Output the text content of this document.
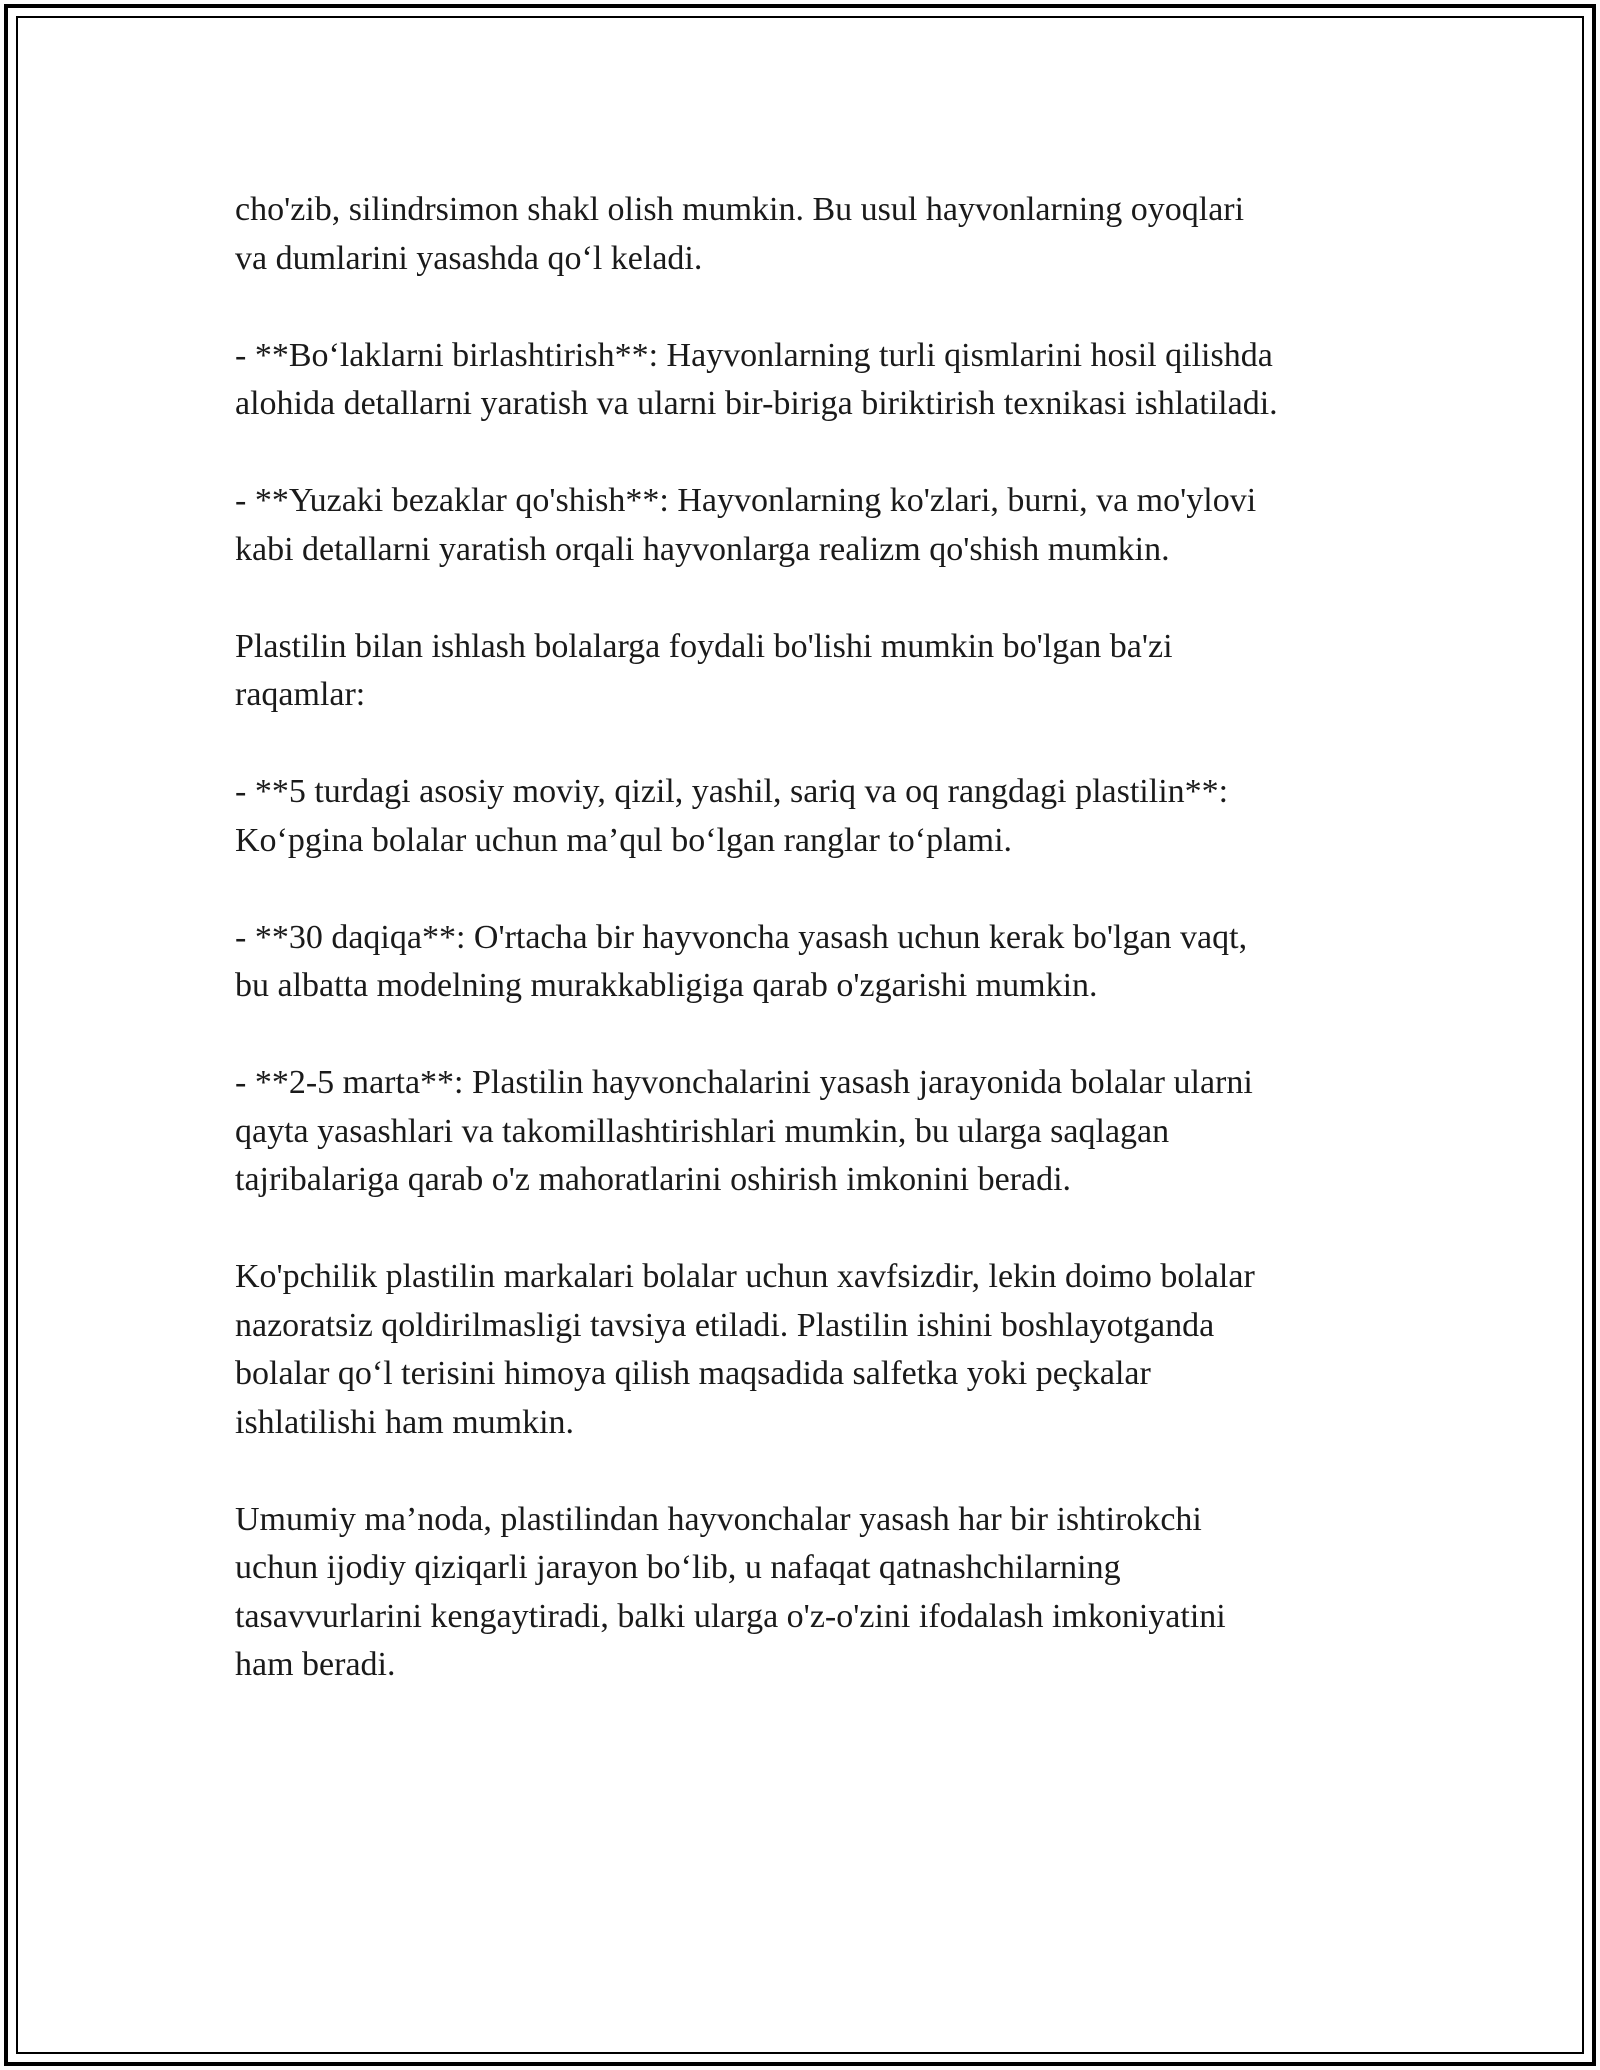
cho'zib, silindrsimon shakl olish mumkin. Bu usul hayvonlarning oyoqlari
va dumlarini yasashda qo‘l keladi.

- **Bo‘laklarni birlashtirish**: Hayvonlarning turli qismlarini hosil qilishda
alohida detallarni yaratish va ularni bir-biriga biriktirish texnikasi ishlatiladi.

- **Yuzaki bezaklar qo'shish**: Hayvonlarning ko'zlari, burni, va mo'ylovi
kabi detallarni yaratish orqali hayvonlarga realizm qo'shish mumkin.

Plastilin bilan ishlash bolalarga foydali bo'lishi mumkin bo'lgan ba'zi
raqamlar:

- **5 turdagi asosiy moviy, qizil, yashil, sariq va oq rangdagi plastilin**:
Ko‘pgina bolalar uchun ma’qul bo‘lgan ranglar to‘plami.

- **30 daqiqa**: O'rtacha bir hayvoncha yasash uchun kerak bo'lgan vaqt,
bu albatta modelning murakkabligiga qarab o'zgarishi mumkin.

- **2-5 marta**: Plastilin hayvonchalarini yasash jarayonida bolalar ularni
qayta yasashlari va takomillashtirishlari mumkin, bu ularga saqlagan
tajribalariga qarab o'z mahoratlarini oshirish imkonini beradi.

Ko'pchilik plastilin markalari bolalar uchun xavfsizdir, lekin doimo bolalar
nazoratsiz qoldirilmasligi tavsiya etiladi. Plastilin ishini boshlayotganda
bolalar qo‘l terisini himoya qilish maqsadida salfetka yoki peçkalar
ishlatilishi ham mumkin.

Umumiy ma’noda, plastilindan hayvonchalar yasash har bir ishtirokchi
uchun ijodiy qiziqarli jarayon bo‘lib, u nafaqat qatnashchilarning
tasavvurlarini kengaytiradi, balki ularga o'z-o'zini ifodalash imkoniyatini
ham beradi.
